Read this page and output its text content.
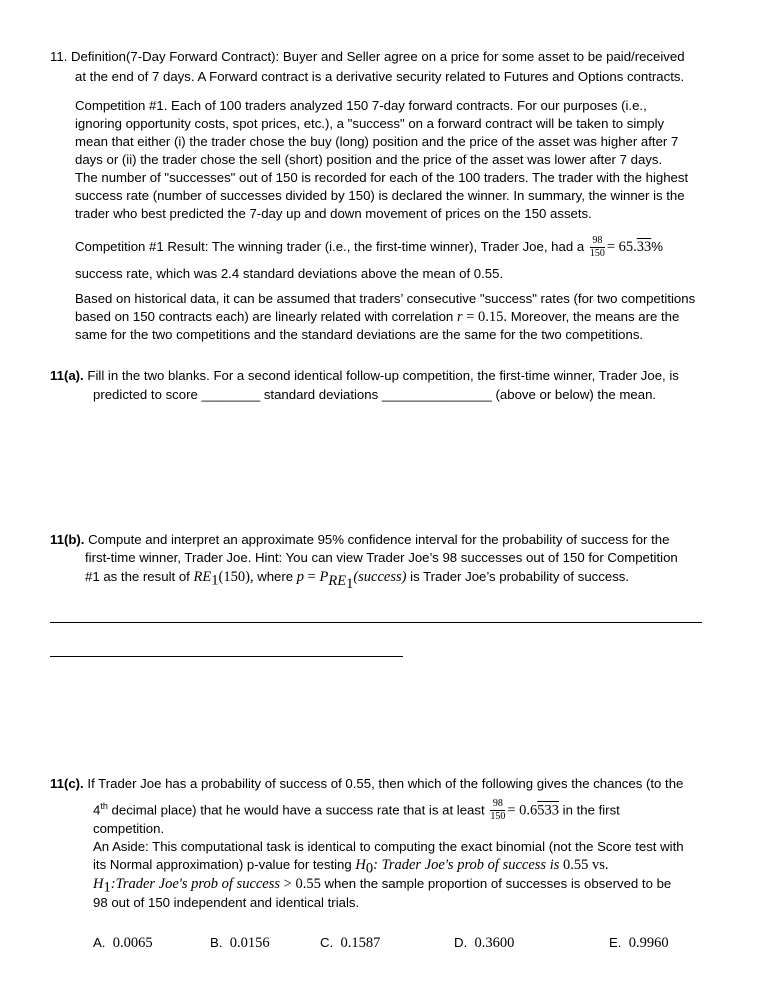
11. Definition(7-Day Forward Contract): Buyer and Seller agree on a price for some asset to be paid/received
at the end of 7 days. A Forward contract is a derivative security related to Futures and Options contracts.
Competition #1. Each of 100 traders analyzed 150 7-day forward contracts. For our purposes (i.e.,
ignoring opportunity costs, spot prices, etc.), a "success" on a forward contract will be taken to simply
mean that either (i) the trader chose the buy (long) position and the price of the asset was higher after 7
days or (ii) the trader chose the sell (short) position and the price of the asset was lower after 7 days.
The number of "successes" out of 150 is recorded for each of the 100 traders. The trader with the highest
success rate (number of successes divided by 150) is declared the winner. In summary, the winner is the
trader who best predicted the 7-day up and down movement of prices on the 150 assets.
Competition #1 Result: The winning trader (i.e., the first-time winner), Trader Joe, had a $\frac{98}{150} = 65.33\%$
success rate, which was 2.4 standard deviations above the mean of 0.55.
Based on historical data, it can be assumed that traders’ consecutive "success" rates (for two competitions
based on 150 contracts each) are linearly related with correlation r = 0.15. Moreover, the means are the
same for the two competitions and the standard deviations are the same for the two competitions.
11(a). Fill in the two blanks. For a second identical follow-up competition, the first-time winner, Trader Joe, is
predicted to score ________ standard deviations _______________ (above or below) the mean.
11(b). Compute and interpret an approximate 95% confidence interval for the probability of success for the
first-time winner, Trader Joe. Hint: You can view Trader Joe’s 98 successes out of 150 for Competition
#1 as the result of $RE_1(150)$, where $p = P_{RE_1}(success)$ is Trader Joe’s probability of success.
11(c). If Trader Joe has a probability of success of 0.55, then which of the following gives the chances (to the
4th decimal place) that he would have a success rate that is at least $\frac{98}{150} = 0.6533$ in the first
competition.
An Aside: This computational task is identical to computing the exact binomial (not the Score test with
its Normal approximation) p-value for testing $H_0$: Trader Joe's prob of success is 0.55 vs.
$H_1:Trader$ Joe's prob of success > 0.55 when the sample proportion of successes is observed to be
98 out of 150 independent and identical trials.
A. 0.0065	B. 0.0156	C. 0.1587	D. 0.3600	E. 0.9960
